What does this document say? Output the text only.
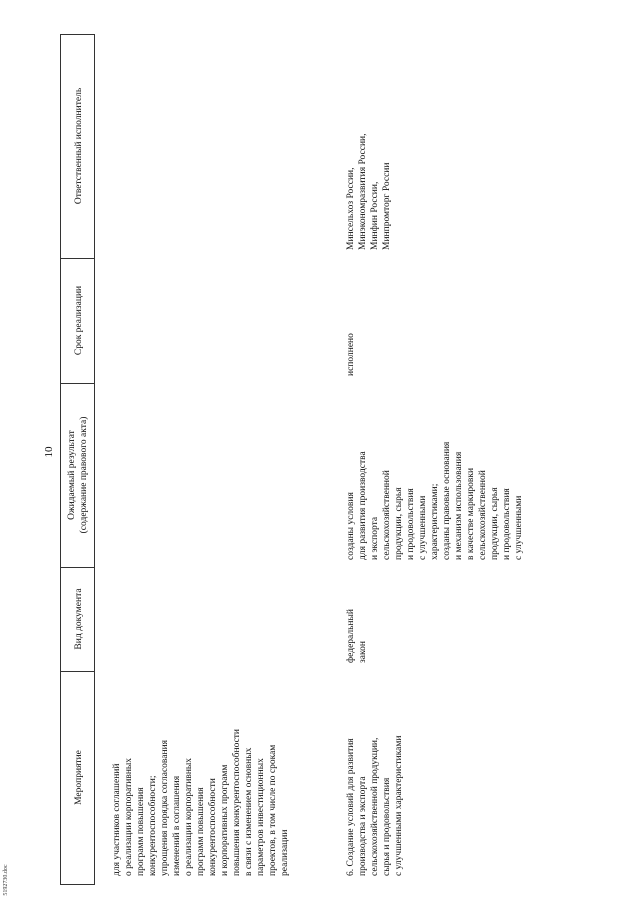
10
5192730.doc
Мероприятие
Вид документа
Ожидаемый результат (содержание правового акта)
Срок реализации
Ответственный исполнитель
для участников соглашений о реализации корпоративных программ повышения конкурентоспособности; упрощения порядка согласования изменений в соглашения о реализации корпоративных программ повышения конкурентоспособности и корпоративных программ повышения конкурентоспособности в связи с изменением основных параметров инвестиционных проектов, в том числе по срокам реализации	6. Создание условий для развития производства и экспорта сельскохозяйственной продукции, сырья и продовольствия с улучшенными характеристиками
федеральный закон
созданы условия для развития производства и экспорта сельскохозяйственной продукции, сырья и продовольствия с улучшенными характеристиками; созданы правовые основания и механизм использования в качестве маркировки сельскохозяйственной продукции, сырья и продовольствия с улучшенными
исполнено
Минсельхоз России, Минэкономразвития России, Минфин России, Минпромторг России
